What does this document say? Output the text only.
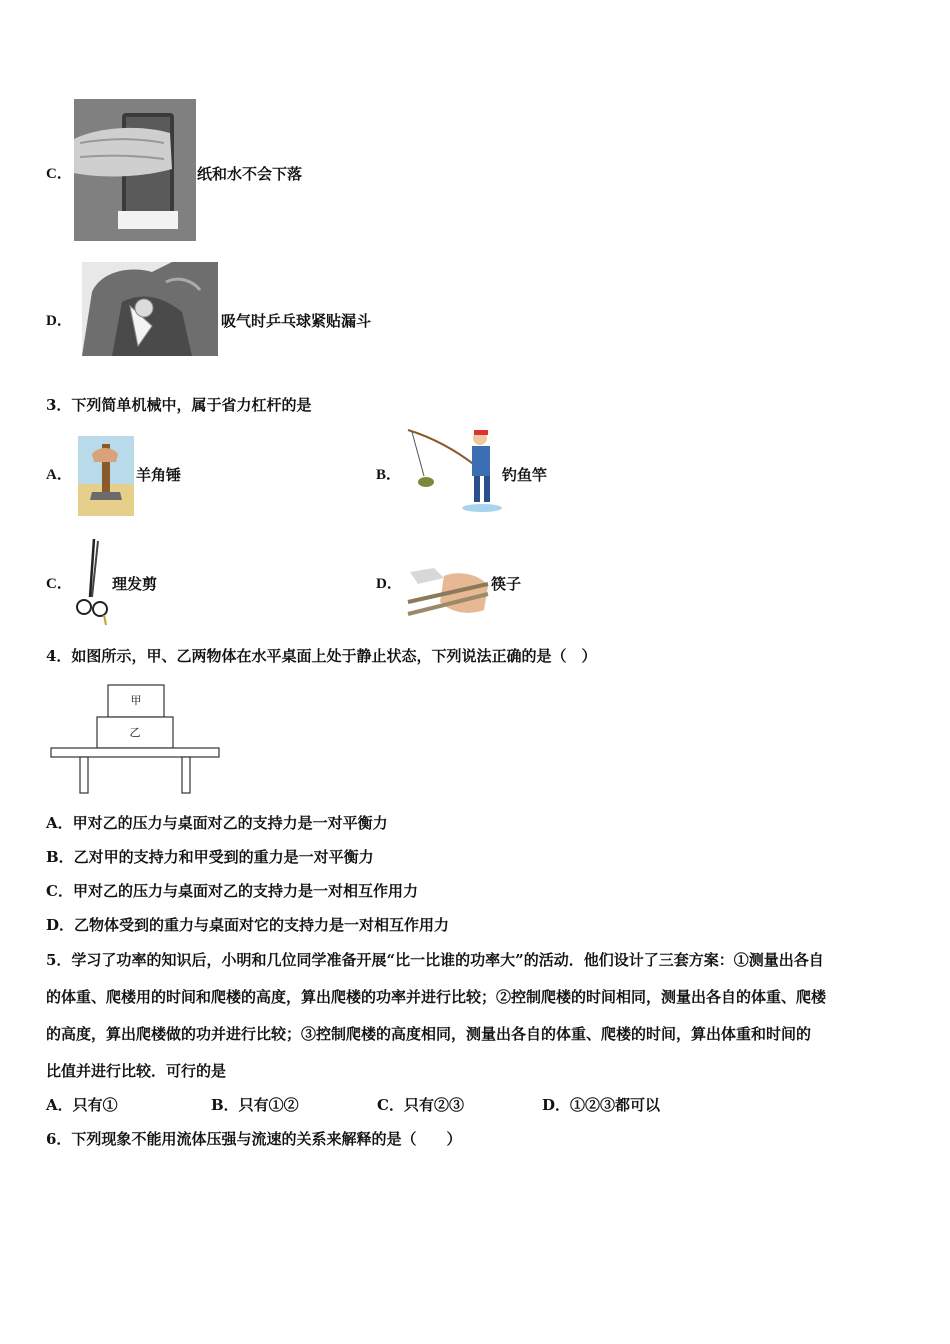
C．	纸和水不会下落
D．	吸气时乒乓球紧贴漏斗
3．下列简单机械中，属于省力杠杆的是
A．	羊角锤	B．	钓鱼竿
C．	理发剪	D．	筷子
4．如图所示，甲、乙两物体在水平桌面上处于静止状态，下列说法正确的是（　）
甲
乙
A．甲对乙的压力与桌面对乙的支持力是一对平衡力
B．乙对甲的支持力和甲受到的重力是一对平衡力
C．甲对乙的压力与桌面对乙的支持力是一对相互作用力
D．乙物体受到的重力与桌面对它的支持力是一对相互作用力
5．学习了功率的知识后，小明和几位同学准备开展“比一比谁的功率大”的活动．他们设计了三套方案：①测量出各自
的体重、爬楼用的时间和爬楼的高度，算出爬楼的功率并进行比较；②控制爬楼的时间相同，测量出各自的体重、爬楼
的高度，算出爬楼做的功并进行比较；③控制爬楼的高度相同，测量出各自的体重、爬楼的时间，算出体重和时间的
比值并进行比较．可行的是
A．只有①	B．只有①②	C．只有②③	D．①②③都可以
6．下列现象不能用流体压强与流速的关系来解释的是（　　）
